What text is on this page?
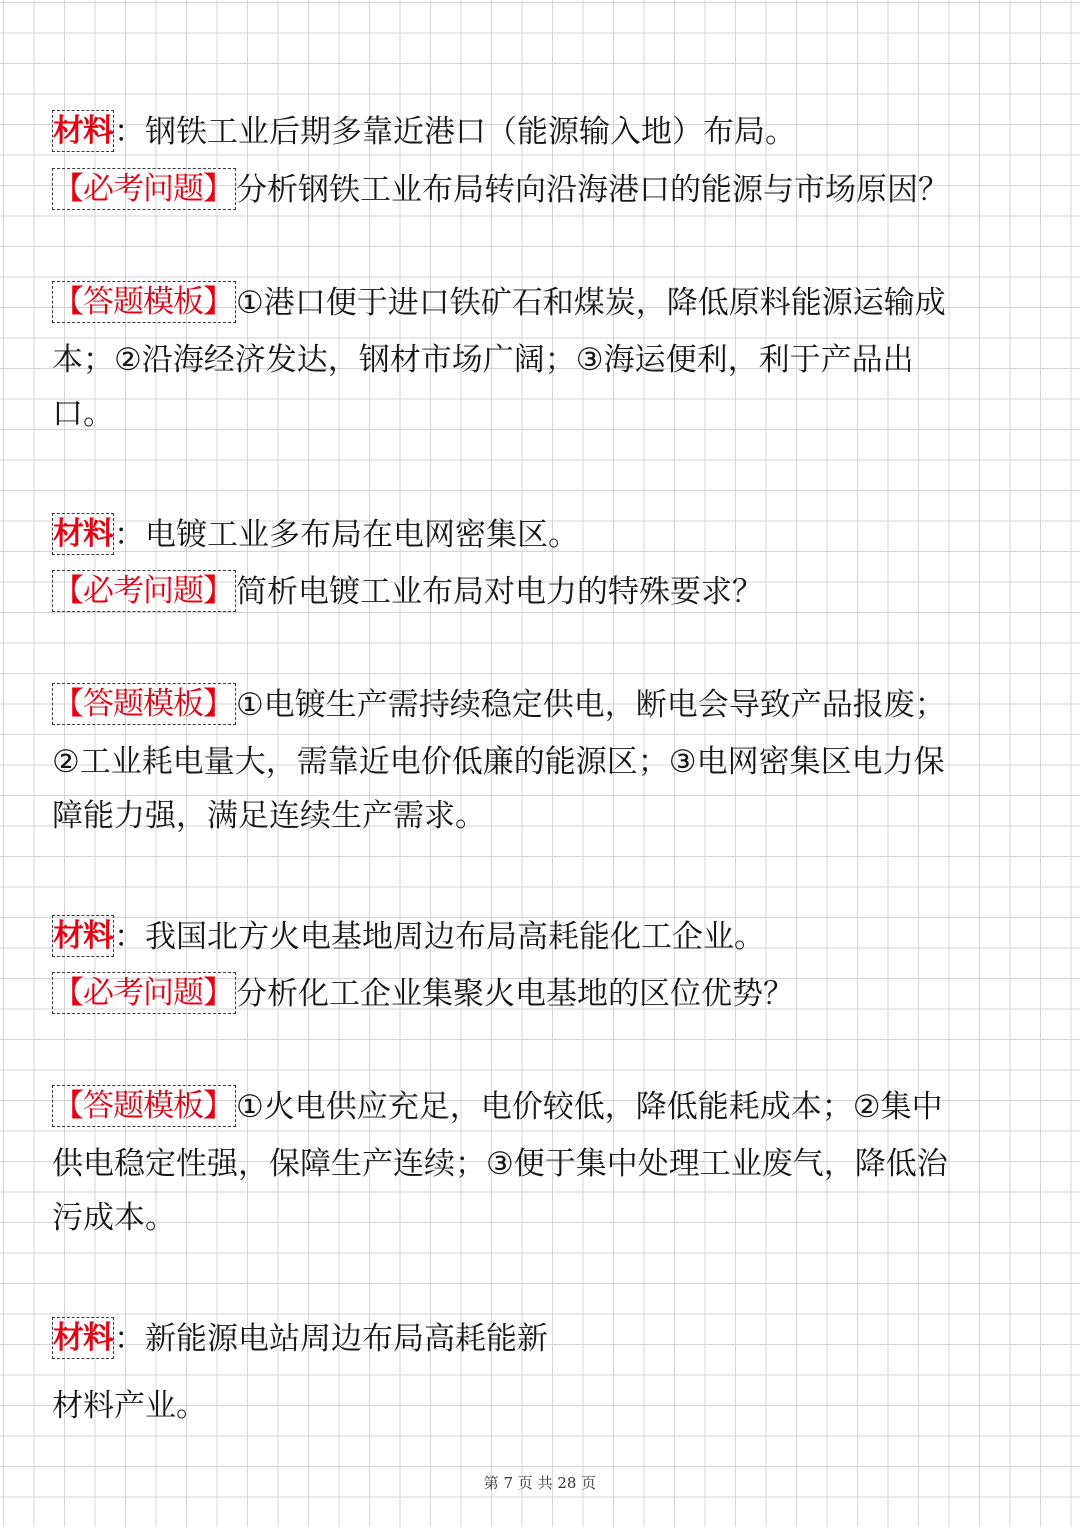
材料：钢铁工业后期多靠近港口（能源输入地）布局。
【必考问题】分析钢铁工业布局转向沿海港口的能源与市场原因？
【答题模板】①港口便于进口铁矿石和煤炭，降低原料能源运输成
本；②沿海经济发达，钢材市场广阔；③海运便利，利于产品出
口。
材料：电镀工业多布局在电网密集区。
【必考问题】简析电镀工业布局对电力的特殊要求？
【答题模板】①电镀生产需持续稳定供电，断电会导致产品报废；
②工业耗电量大，需靠近电价低廉的能源区；③电网密集区电力保
障能力强，满足连续生产需求。
材料：我国北方火电基地周边布局高耗能化工企业。
【必考问题】分析化工企业集聚火电基地的区位优势？
【答题模板】①火电供应充足，电价较低，降低能耗成本；②集中
供电稳定性强，保障生产连续；③便于集中处理工业废气，降低治
污成本。
材料：新能源电站周边布局高耗能新
材料产业。
第 7 页 共 28 页
